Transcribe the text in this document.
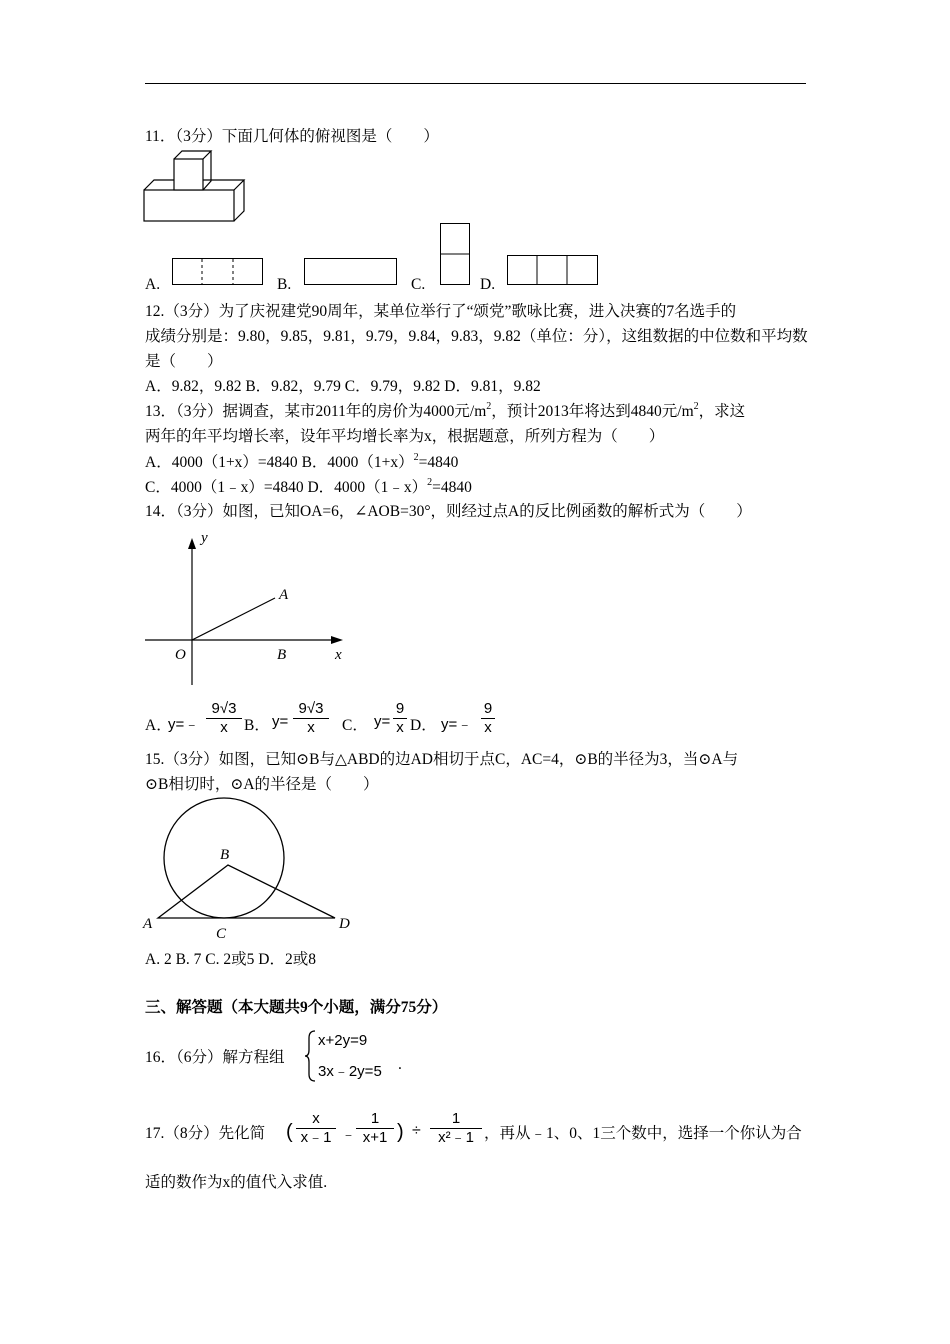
11．（3分）下面几何体的俯视图是（　　）
A.	B.	C.	D.
12.（3分）为了庆祝建党90周年，某单位举行了“颂党”歌咏比赛，进入决赛的7名选手的
成绩分别是：9.80，9.85，9.81，9.79，9.84，9.83，9.82（单位：分），这组数据的中位数和平均数
是（　　）
A．9.82，9.82 B．9.82，9.79 C．9.79，9.82 D．9.81，9.82
13．（3分）据调查，某市2011年的房价为4000元$/m^2$，预计2013年将达到4840元$/m^2$，求这
两年的年平均增长率，设年平均增长率为x，根据题意，所列方程为（　　）
A．4000（1+x）=4840 B．$4000(1+x)^2=4840$
C．4000（1﹣x）=4840 D．4000（1﹣x）$^2$=4840
14．（3分）如图，已知OA=6，∠AOB=30°，则经过点A的反比例函数的解析式为（　　）
y
A
O	B	x
A．
y=﹣
9√3
x	B． y=
9√3
x	C． y=
9
x D． y=﹣
9
x
15.（3分）如图，已知⊙B与△ABD的边AD相切于点C，AC=4，⊙B的半径为3，当⊙A与
⊙B相切时，⊙A的半径是（　　）
B
A
C
D
A. 2 B. 7 C. 2或5 D．2或8
三、解答题（本大题共9个小题，满分75分）
16．（6分）解方程组
x+2y=9
3x﹣2y=5 .
17.（8分）先化简 (
x
x﹣1 ﹣
1
x+1 ) ÷
1
x²﹣1 ，再从﹣1、0、1三个数中，选择一个你认为合
适的数作为x的值代入求值.
